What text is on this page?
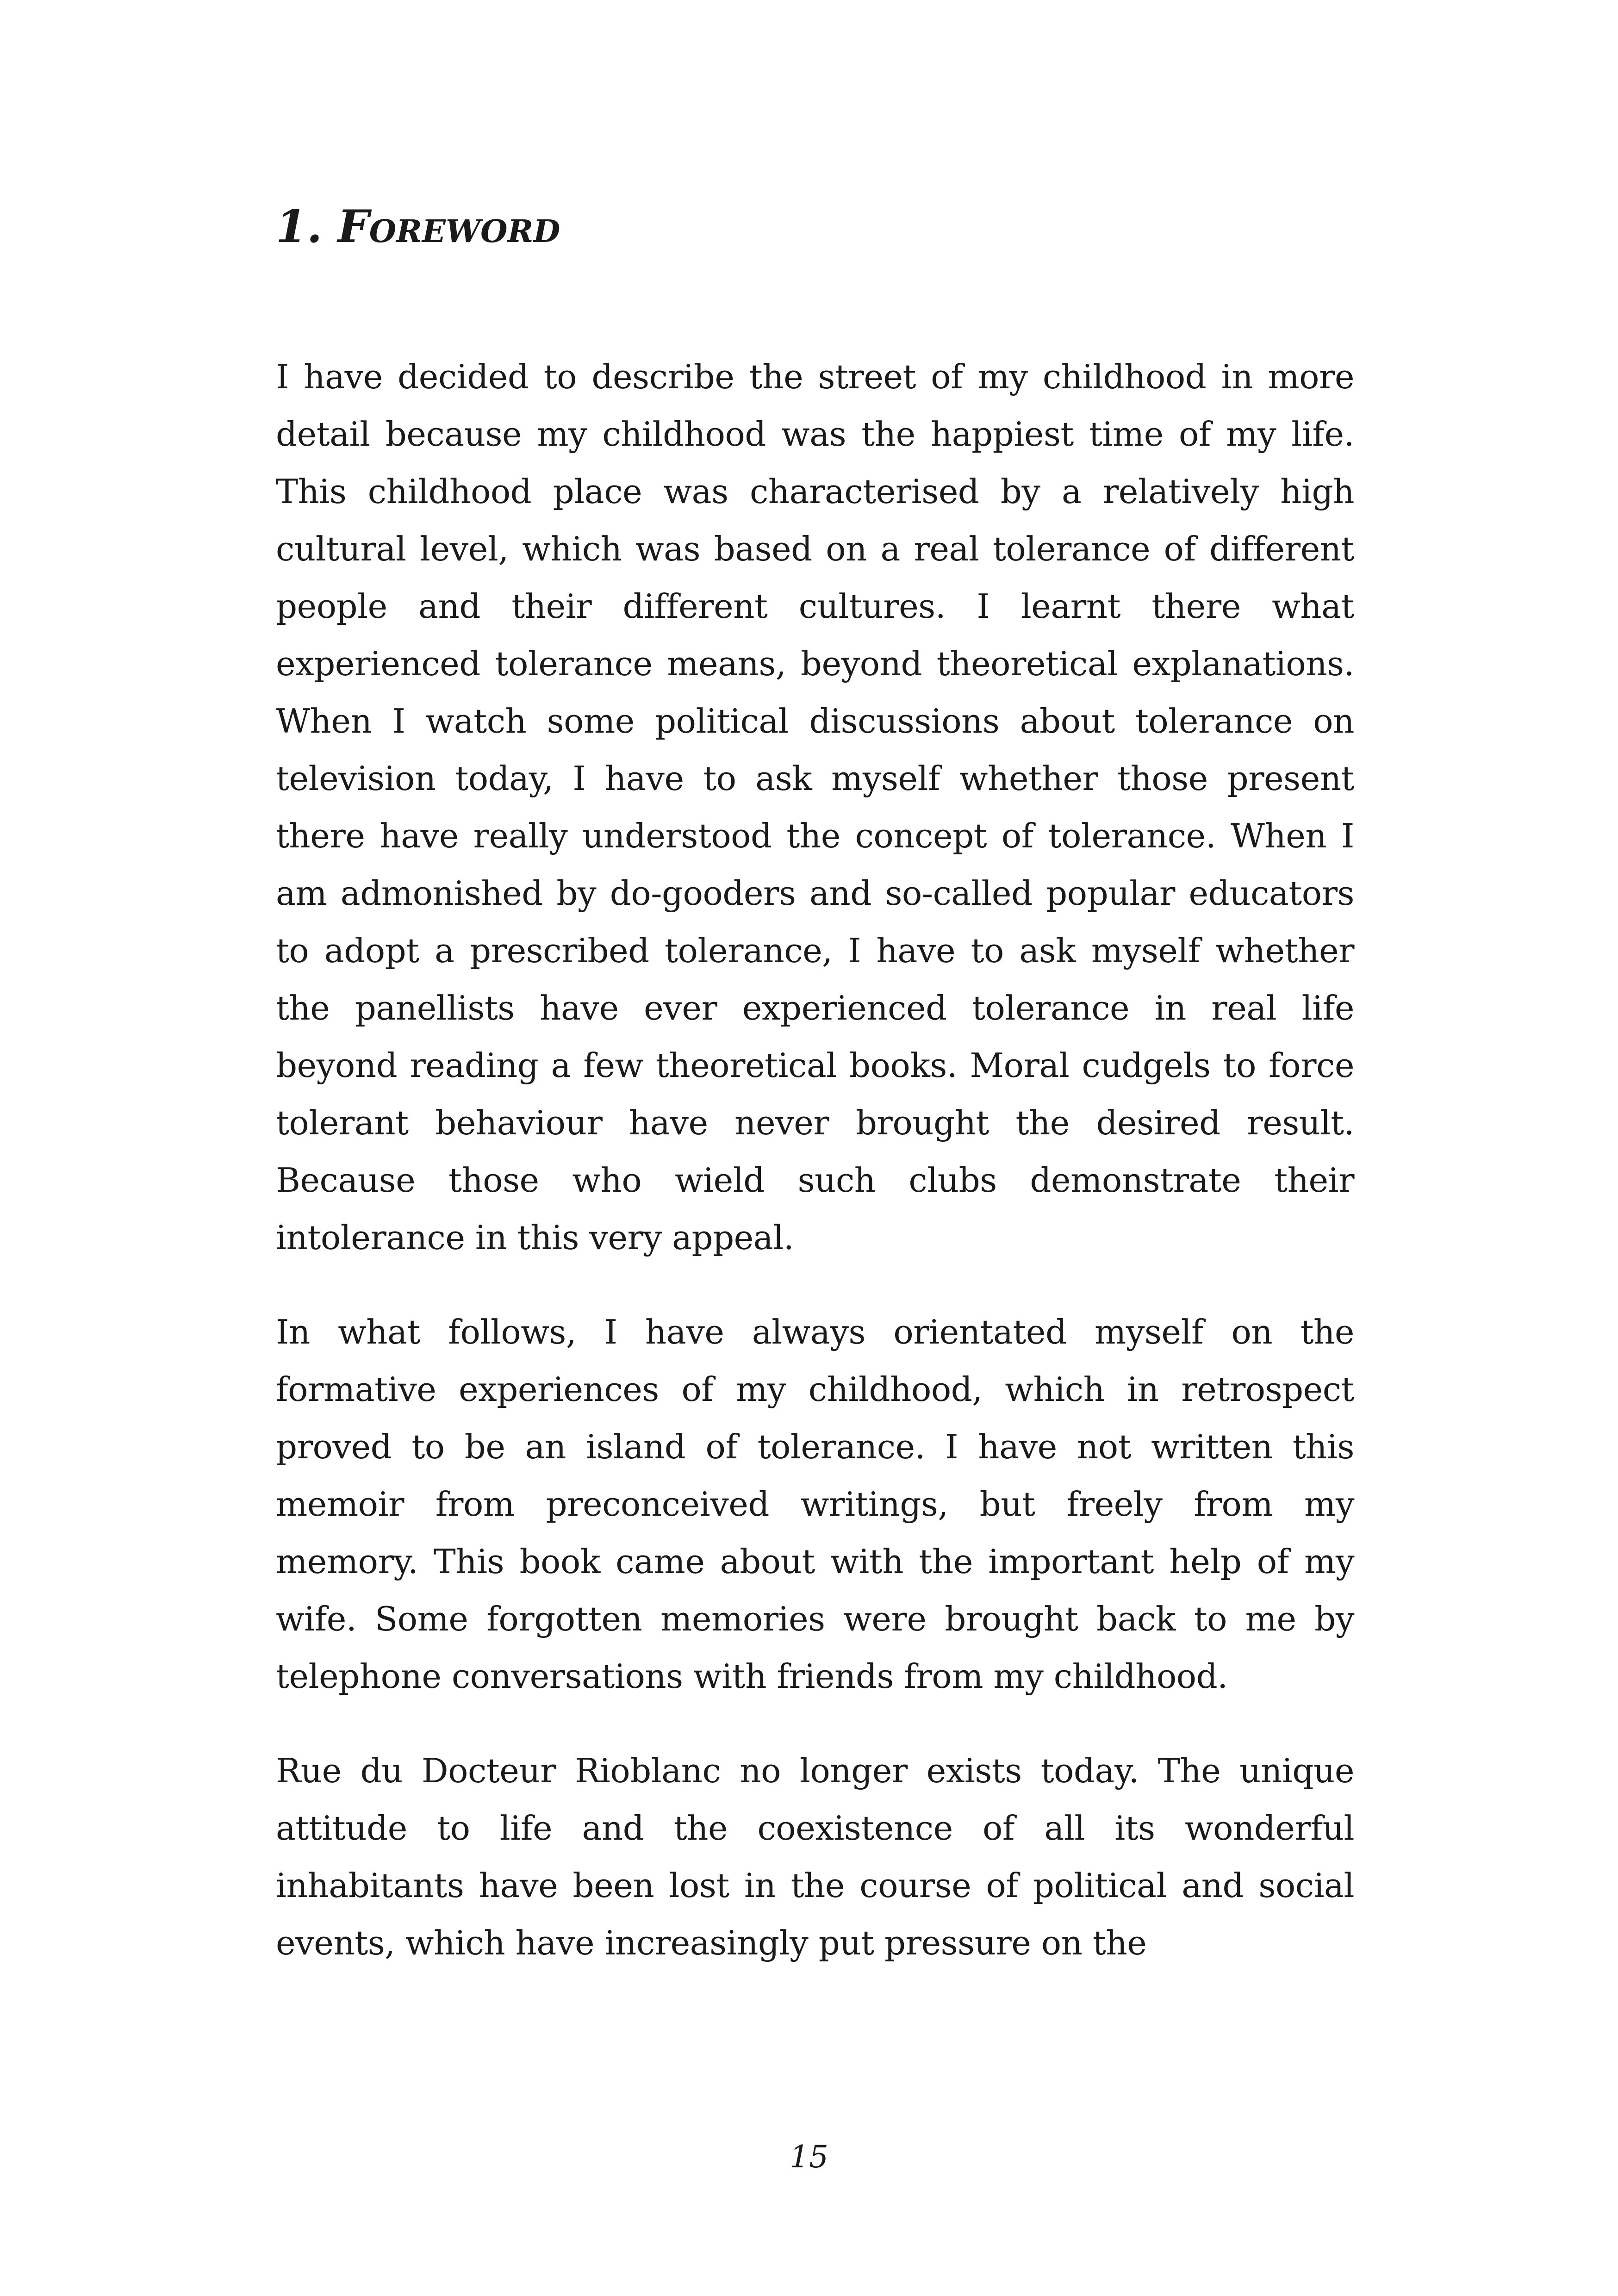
1. Foreword

I have decided to describe the street of my childhood in more detail because my childhood was the happiest time of my life. This childhood place was characterised by a relatively high cultural level, which was based on a real tolerance of different people and their different cultures. I learnt there what experienced tolerance means, beyond theoretical explanations. When I watch some political discussions about tolerance on television today, I have to ask myself whether those present there have really understood the concept of tolerance. When I am admonished by do-gooders and so-called popular educators to adopt a prescribed tolerance, I have to ask myself whether the panellists have ever experienced tolerance in real life beyond reading a few theoretical books. Moral cudgels to force tolerant behaviour have never brought the desired result. Because those who wield such clubs demonstrate their intolerance in this very appeal.

In what follows, I have always orientated myself on the formative experiences of my childhood, which in retrospect proved to be an island of tolerance. I have not written this memoir from preconceived writings, but freely from my memory. This book came about with the important help of my wife. Some forgotten memories were brought back to me by telephone conversations with friends from my childhood.

Rue du Docteur Rioblanc no longer exists today. The unique attitude to life and the coexistence of all its wonderful inhabitants have been lost in the course of political and social events, which have increasingly put pressure on the

15
